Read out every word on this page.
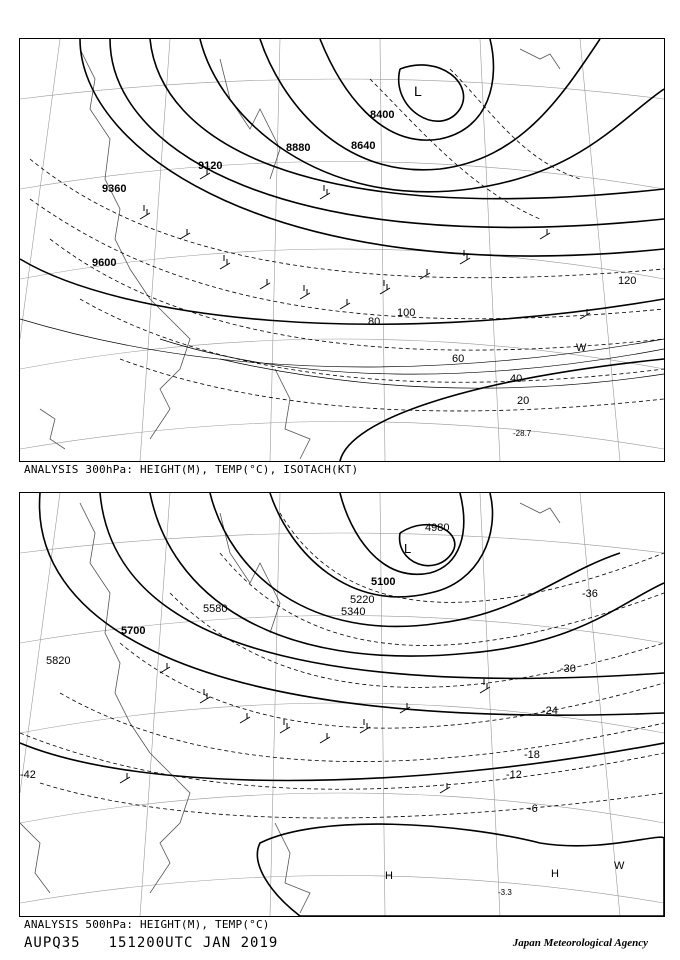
9600
9360
9120
8880	8640
8400
20
40
60
80
100
120
L
W
-28.7
ANALYSIS 300hPa: HEIGHT(M), TEMP(°C), ISOTACH(KT)
5820
5700
5580	5340
5220
5100
4980
-6
-12
-18
-24
-30
-36
-42
L
H	H
W
-3.3
ANALYSIS 500hPa: HEIGHT(M), TEMP(°C)
AUPQ35 151200UTC JAN 2019	Japan Meteorological Agency
